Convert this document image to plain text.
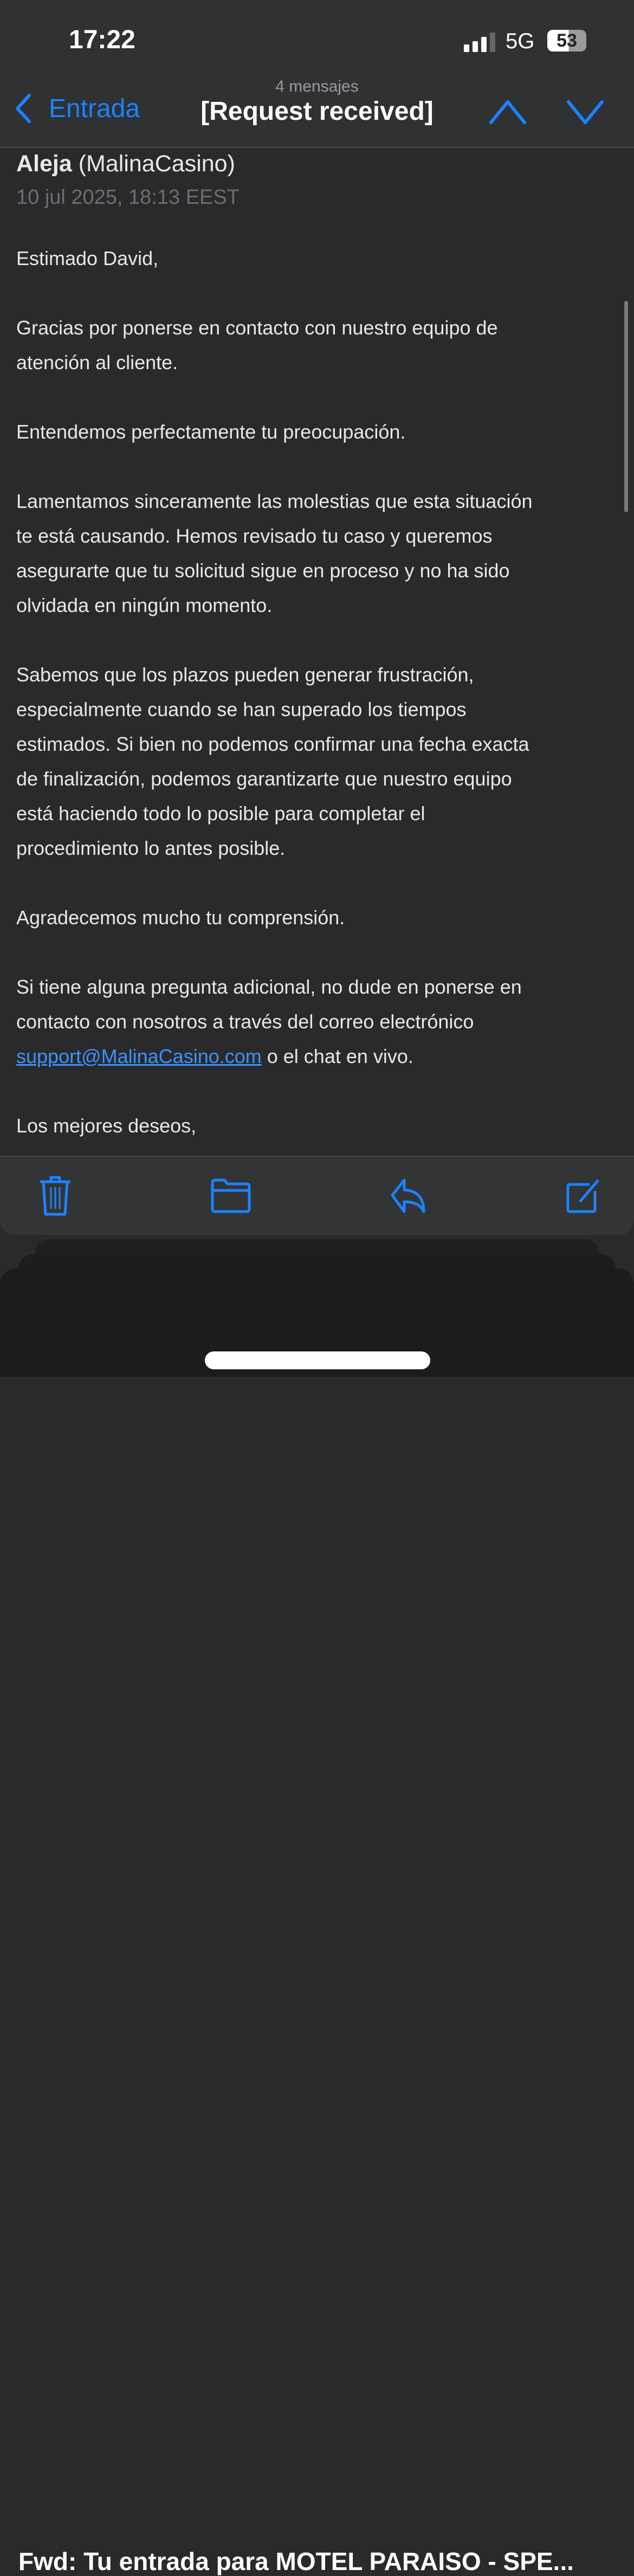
17:22	5G	53
4 mensajes
Entrada	[Request received]
Aleja (MalinaCasino)
10 jul 2025, 18:13 EEST

Estimado David,

Gracias por ponerse en contacto con nuestro equipo de
atención al cliente.

Entendemos perfectamente tu preocupación.

Lamentamos sinceramente las molestias que esta situación
te está causando. Hemos revisado tu caso y queremos
asegurarte que tu solicitud sigue en proceso y no ha sido
olvidada en ningún momento.

Sabemos que los plazos pueden generar frustración,
especialmente cuando se han superado los tiempos
estimados. Si bien no podemos confirmar una fecha exacta
de finalización, podemos garantizarte que nuestro equipo
está haciendo todo lo posible para completar el
procedimiento lo antes posible.

Agradecemos mucho tu comprensión.

Si tiene alguna pregunta adicional, no dude en ponerse en
contacto con nosotros a través del correo electrónico
support@MalinaCasino.com o el chat en vivo.

Los mejores deseos,

Fwd: Tu entrada para MOTEL PARAISO - SPE...
